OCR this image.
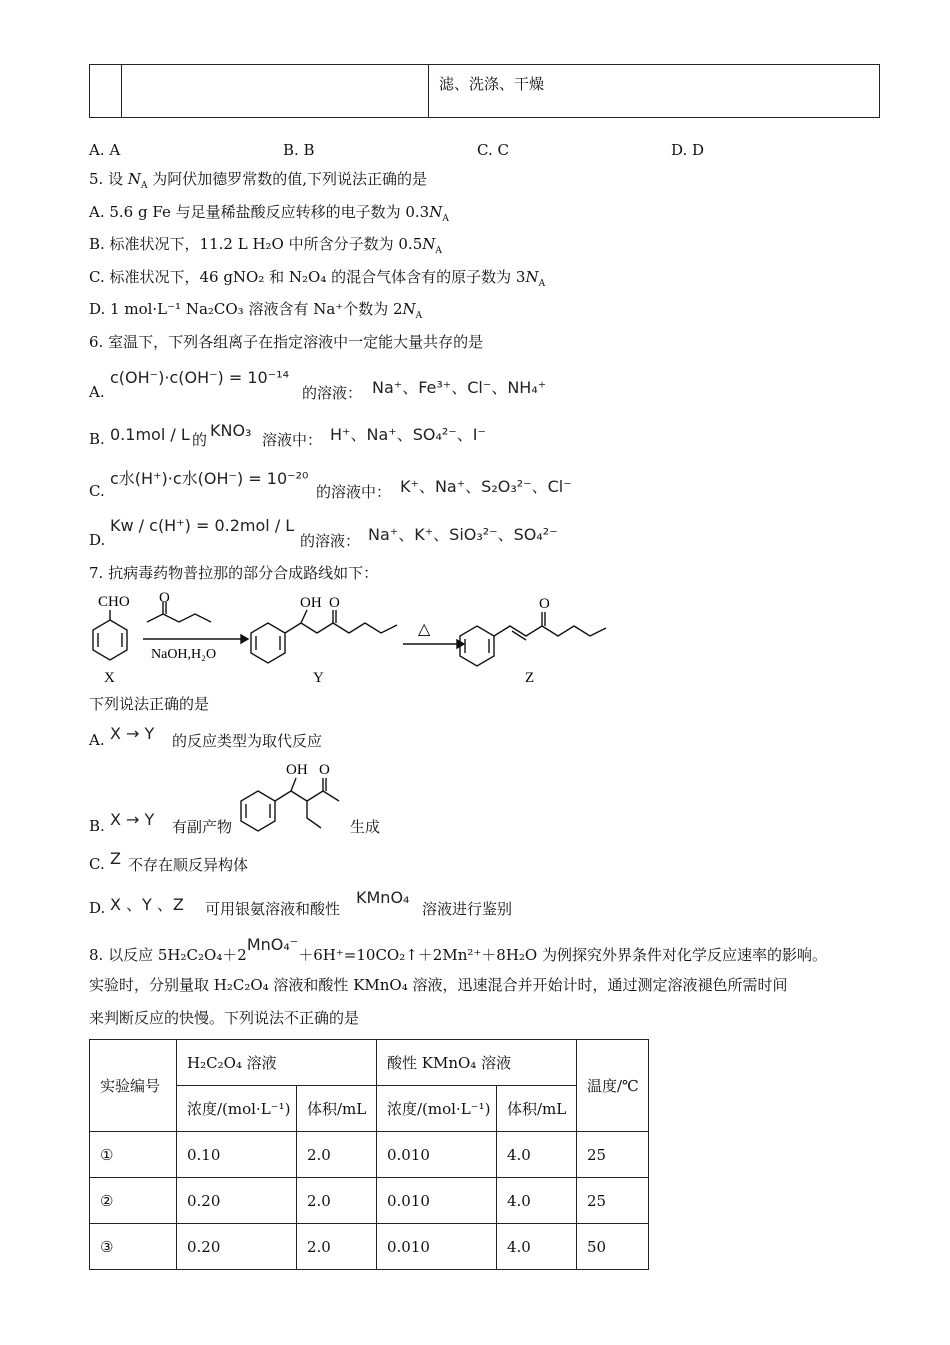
		滤、洗涤、干燥
A. A	B. B	C. C	D. D
5. 设 $N_A$ 为阿伏加德罗常数的值,下列说法正确的是
A. 5.6 g Fe 与足量稀盐酸反应转移的电子数为 $0.3N_A$
B. 标准状况下，11.2 L H₂O 中所含分子数为 $0.5N_A$
C. 标准状况下，46 gNO₂ 和 N₂O₄ 的混合气体含有的原子数为 $3N_A$
D. 1 mol·L⁻¹ Na₂CO₃ 溶液含有 Na⁺个数为 $2N_A$
6. 室温下，下列各组离子在指定溶液中一定能大量共存的是
A.
c(OH⁻)·c(OH⁻) = 10⁻¹⁴
的溶液： Na⁺、Fe³⁺、Cl⁻、NH₄⁺
B. 0.1mol / L 的 KNO₃ 溶液中： H⁺、Na⁺、SO₄²⁻、I⁻
C.
c水(H⁺)·c水(OH⁻) = 10⁻²⁰
的溶液中： K⁺、Na⁺、S₂O₃²⁻、Cl⁻
D.
Kw / c(H⁺) = 0.2mol / L
的溶液： Na⁺、K⁺、SiO₃²⁻、SO₄²⁻
7. 抗病毒药物普拉那的部分合成路线如下：
CHO O
NaOH,H₂O
OH O
△
O
X	Y	Z
下列说法正确的是
A. X → Y 的反应类型为取代反应
B. X → Y 有副产物
OH O
生成
C. Z 不存在顺反异构体
D. X 、Y 、Z 可用银氨溶液和酸性
KMnO₄
溶液进行鉴别
8. 以反应 5H₂C₂O₄＋2MnO₄⁻＋6H⁺=10CO₂↑＋2Mn²⁺＋8H₂O 为例探究外界条件对化学反应速率的影响。
实验时，分别量取 H₂C₂O₄ 溶液和酸性 KMnO₄ 溶液，迅速混合并开始计时，通过测定溶液褪色所需时间
来判断反应的快慢。下列说法不正确的是
实验编号	H₂C₂O₄ 溶液		酸性 KMnO₄ 溶液		温度/℃
	浓度/(mol·L⁻¹)	体积/mL	浓度/(mol·L⁻¹)	体积/mL	
①	0.10	2.0	0.010	4.0	25
②	0.20	2.0	0.010	4.0	25
③	0.20	2.0	0.010	4.0	50
